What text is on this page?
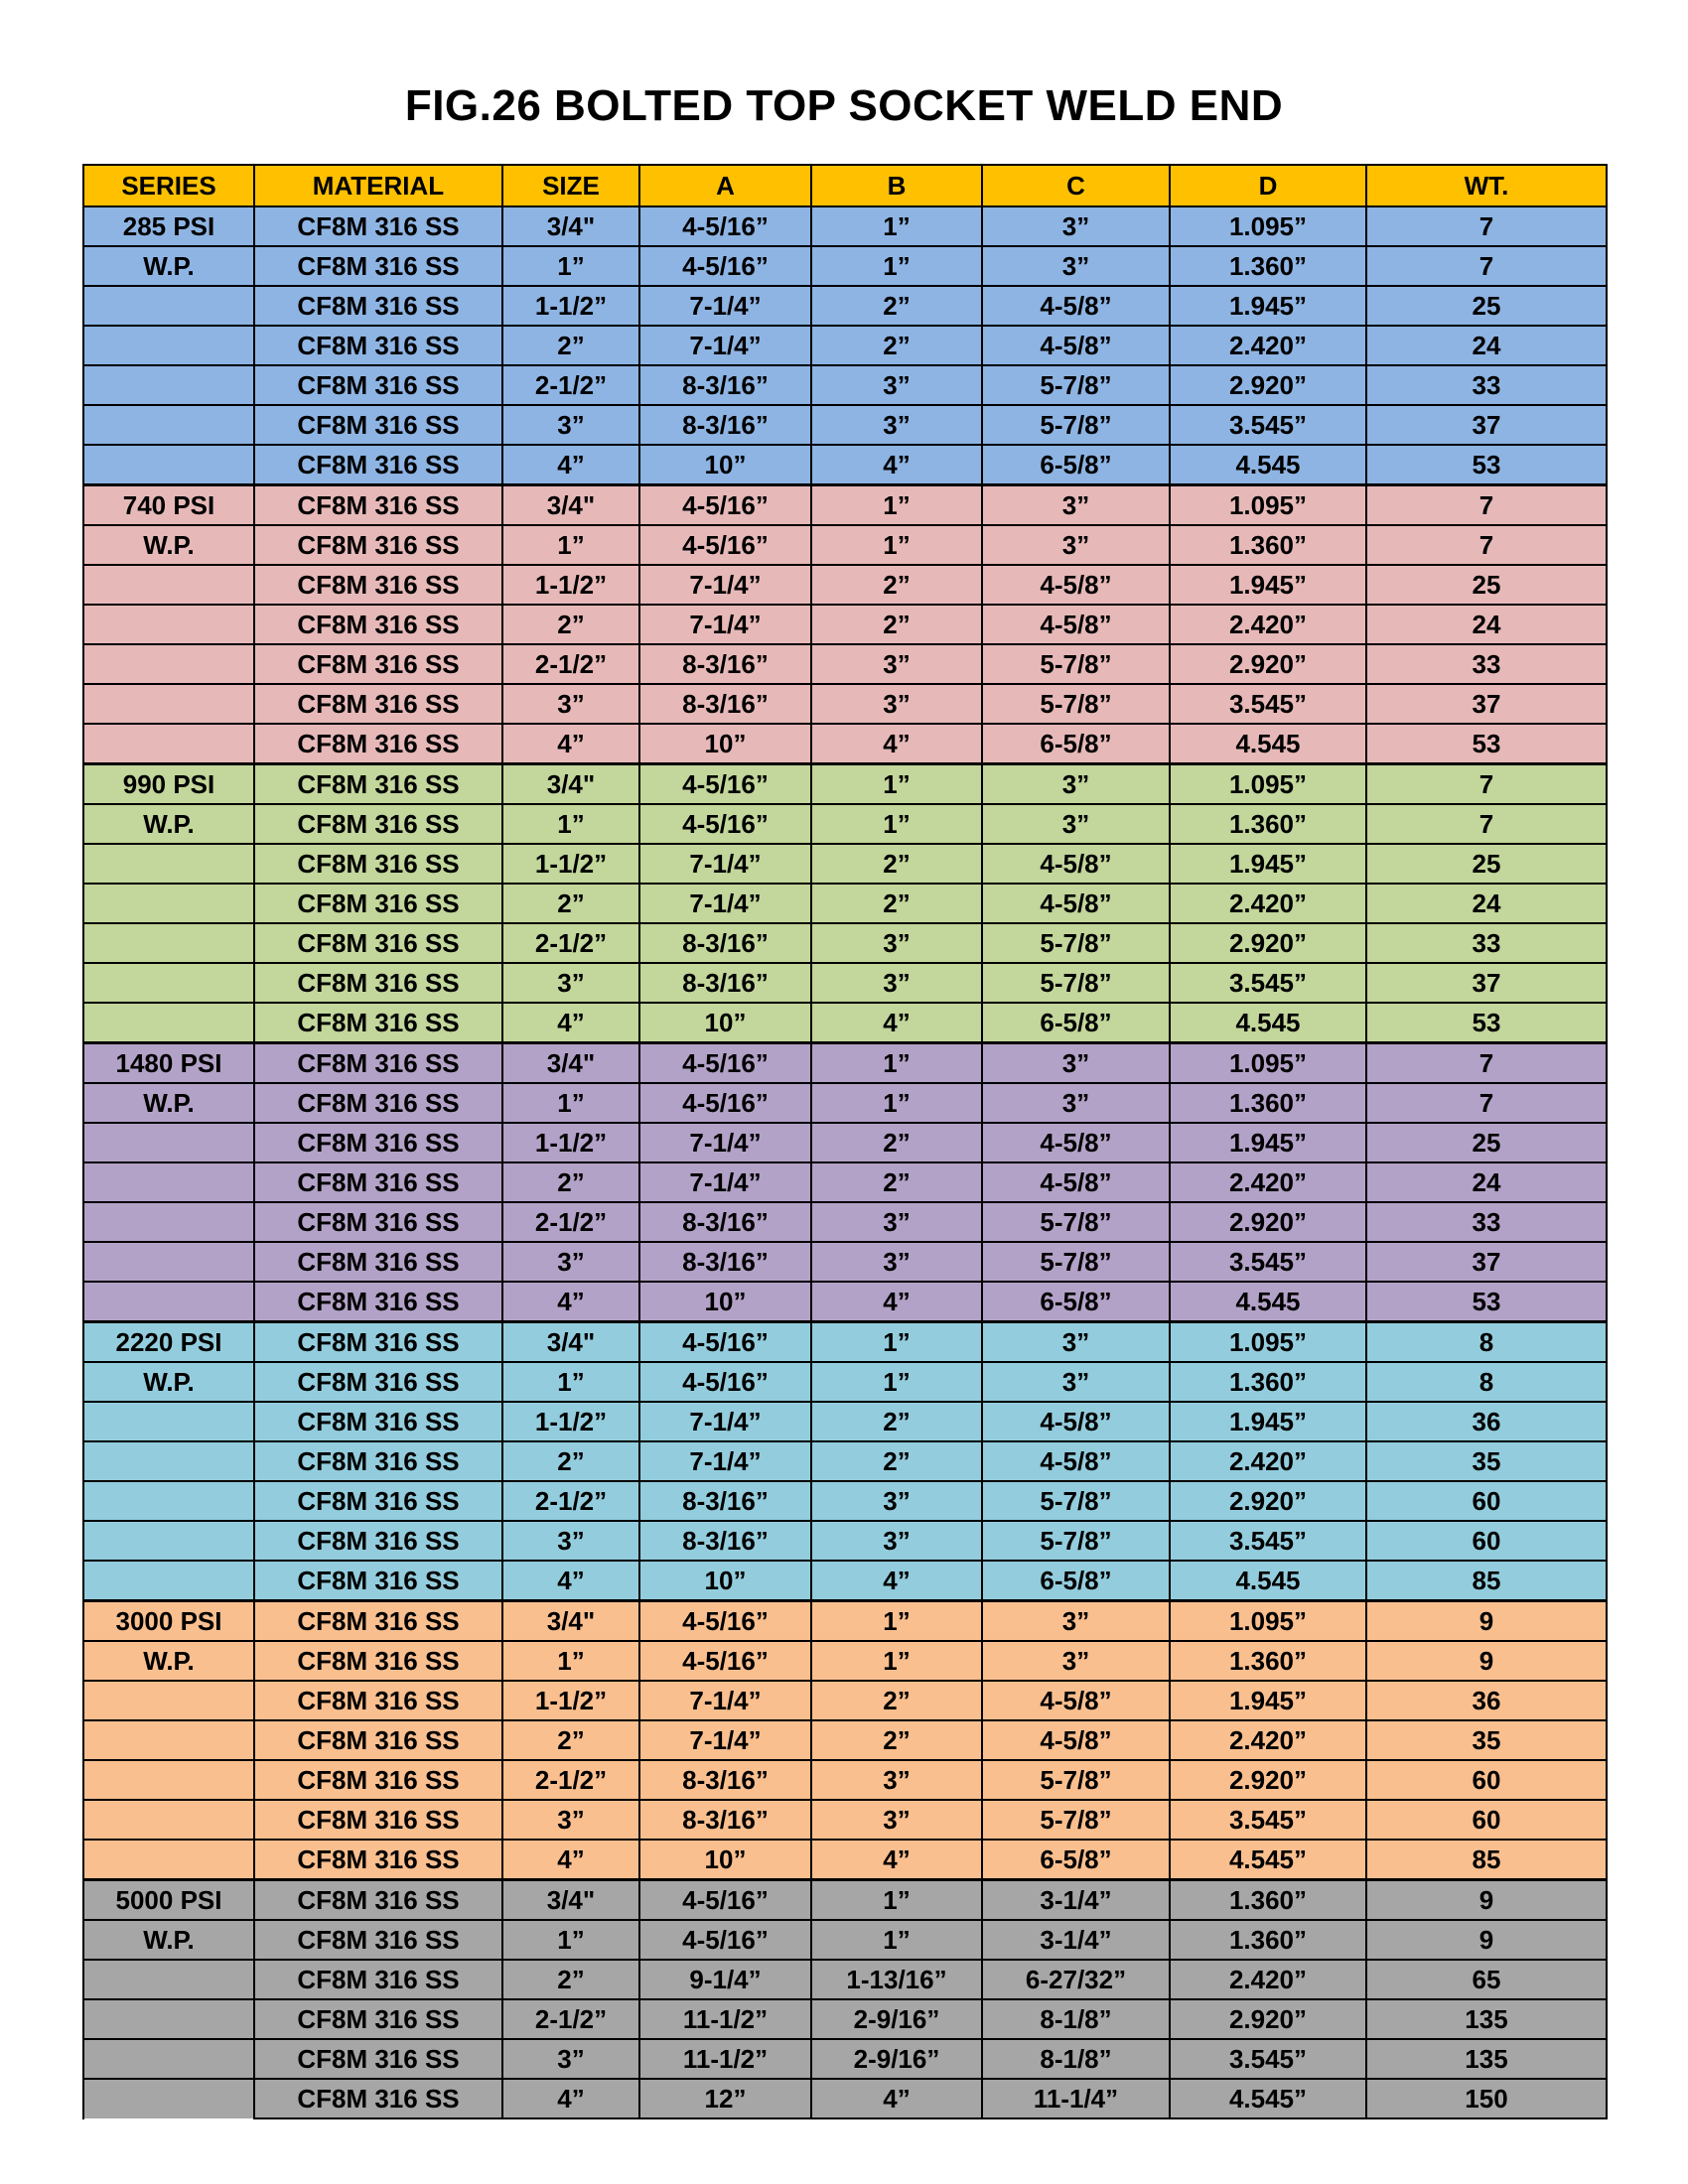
FIG.26 BOLTED TOP SOCKET WELD END
SERIES	MATERIAL	SIZE	A	B	C	D	WT.
285 PSI	CF8M 316 SS	3/4"	4-5/16”	1”	3”	1.095”	7
W.P.	CF8M 316 SS	1”	4-5/16”	1”	3”	1.360”	7
	CF8M 316 SS	1-1/2”	7-1/4”	2”	4-5/8”	1.945”	25
	CF8M 316 SS	2”	7-1/4”	2”	4-5/8”	2.420”	24
	CF8M 316 SS	2-1/2”	8-3/16”	3”	5-7/8”	2.920”	33
	CF8M 316 SS	3”	8-3/16”	3”	5-7/8”	3.545”	37
	CF8M 316 SS	4”	10”	4”	6-5/8”	4.545	53
740 PSI	CF8M 316 SS	3/4"	4-5/16”	1”	3”	1.095”	7
W.P.	CF8M 316 SS	1”	4-5/16”	1”	3”	1.360”	7
	CF8M 316 SS	1-1/2”	7-1/4”	2”	4-5/8”	1.945”	25
	CF8M 316 SS	2”	7-1/4”	2”	4-5/8”	2.420”	24
	CF8M 316 SS	2-1/2”	8-3/16”	3”	5-7/8”	2.920”	33
	CF8M 316 SS	3”	8-3/16”	3”	5-7/8”	3.545”	37
	CF8M 316 SS	4”	10”	4”	6-5/8”	4.545	53
990 PSI	CF8M 316 SS	3/4"	4-5/16”	1”	3”	1.095”	7
W.P.	CF8M 316 SS	1”	4-5/16”	1”	3”	1.360”	7
	CF8M 316 SS	1-1/2”	7-1/4”	2”	4-5/8”	1.945”	25
	CF8M 316 SS	2”	7-1/4”	2”	4-5/8”	2.420”	24
	CF8M 316 SS	2-1/2”	8-3/16”	3”	5-7/8”	2.920”	33
	CF8M 316 SS	3”	8-3/16”	3”	5-7/8”	3.545”	37
	CF8M 316 SS	4”	10”	4”	6-5/8”	4.545	53
1480 PSI	CF8M 316 SS	3/4"	4-5/16”	1”	3”	1.095”	7
W.P.	CF8M 316 SS	1”	4-5/16”	1”	3”	1.360”	7
	CF8M 316 SS	1-1/2”	7-1/4”	2”	4-5/8”	1.945”	25
	CF8M 316 SS	2”	7-1/4”	2”	4-5/8”	2.420”	24
	CF8M 316 SS	2-1/2”	8-3/16”	3”	5-7/8”	2.920”	33
	CF8M 316 SS	3”	8-3/16”	3”	5-7/8”	3.545”	37
	CF8M 316 SS	4”	10”	4”	6-5/8”	4.545	53
2220 PSI	CF8M 316 SS	3/4"	4-5/16”	1”	3”	1.095”	8
W.P.	CF8M 316 SS	1”	4-5/16”	1”	3”	1.360”	8
	CF8M 316 SS	1-1/2”	7-1/4”	2”	4-5/8”	1.945”	36
	CF8M 316 SS	2”	7-1/4”	2”	4-5/8”	2.420”	35
	CF8M 316 SS	2-1/2”	8-3/16”	3”	5-7/8”	2.920”	60
	CF8M 316 SS	3”	8-3/16”	3”	5-7/8”	3.545”	60
	CF8M 316 SS	4”	10”	4”	6-5/8”	4.545	85
3000 PSI	CF8M 316 SS	3/4"	4-5/16”	1”	3”	1.095”	9
W.P.	CF8M 316 SS	1”	4-5/16”	1”	3”	1.360”	9
	CF8M 316 SS	1-1/2”	7-1/4”	2”	4-5/8”	1.945”	36
	CF8M 316 SS	2”	7-1/4”	2”	4-5/8”	2.420”	35
	CF8M 316 SS	2-1/2”	8-3/16”	3”	5-7/8”	2.920”	60
	CF8M 316 SS	3”	8-3/16”	3”	5-7/8”	3.545”	60
	CF8M 316 SS	4”	10”	4”	6-5/8”	4.545”	85
5000 PSI	CF8M 316 SS	3/4"	4-5/16”	1”	3-1/4”	1.360”	9
W.P.	CF8M 316 SS	1”	4-5/16”	1”	3-1/4”	1.360”	9
	CF8M 316 SS	2”	9-1/4”	1-13/16”	6-27/32”	2.420”	65
	CF8M 316 SS	2-1/2”	11-1/2”	2-9/16”	8-1/8”	2.920”	135
	CF8M 316 SS	3”	11-1/2”	2-9/16”	8-1/8”	3.545”	135
	CF8M 316 SS	4”	12”	4”	11-1/4”	4.545”	150
